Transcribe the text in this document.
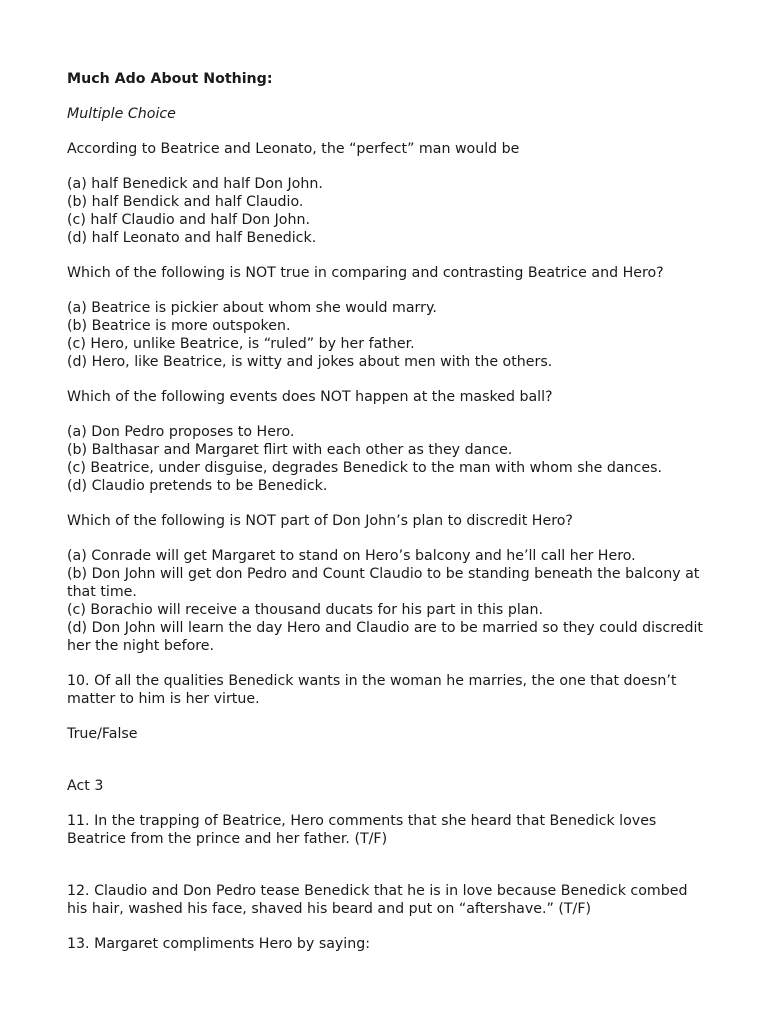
Much Ado About Nothing:
Multiple Choice
According to Beatrice and Leonato, the “perfect” man would be
(a) half Benedick and half Don John.
(b) half Bendick and half Claudio.
(c) half Claudio and half Don John.
(d) half Leonato and half Benedick.
Which of the following is NOT true in comparing and contrasting Beatrice and Hero?
(a) Beatrice is pickier about whom she would marry.
(b) Beatrice is more outspoken.
(c) Hero, unlike Beatrice, is “ruled” by her father.
(d) Hero, like Beatrice, is witty and jokes about men with the others.
Which of the following events does NOT happen at the masked ball?
(a) Don Pedro proposes to Hero.
(b) Balthasar and Margaret flirt with each other as they dance.
(c) Beatrice, under disguise, degrades Benedick to the man with whom she dances.
(d) Claudio pretends to be Benedick.
Which of the following is NOT part of Don John’s plan to discredit Hero?
(a) Conrade will get Margaret to stand on Hero’s balcony and he’ll call her Hero.
(b) Don John will get don Pedro and Count Claudio to be standing beneath the balcony at that time.
(c) Borachio will receive a thousand ducats for his part in this plan.
(d) Don John will learn the day Hero and Claudio are to be married so they could discredit her the night before.
10. Of all the qualities Benedick wants in the woman he marries, the one that doesn’t matter to him is her virtue.
True/False
Act 3
11. In the trapping of Beatrice, Hero comments that she heard that Benedick loves Beatrice from the prince and her father. (T/F)
12. Claudio and Don Pedro tease Benedick that he is in love because Benedick combed his hair, washed his face, shaved his beard and put on “aftershave.” (T/F)
13. Margaret compliments Hero by saying:
